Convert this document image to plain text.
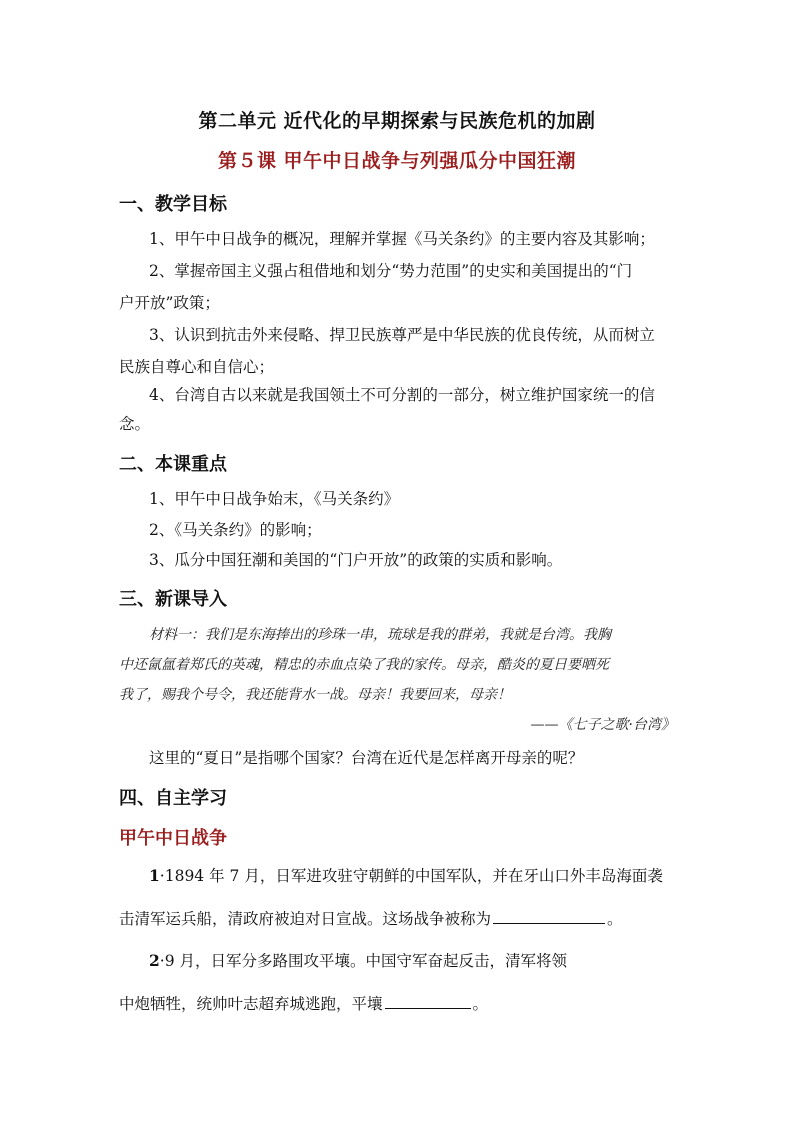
第二单元 近代化的早期探索与民族危机的加剧
第５课 甲午中日战争与列强瓜分中国狂潮
一、教学目标
1、甲午中日战争的概况，理解并掌握《马关条约》的主要内容及其影响；
2、掌握帝国主义强占租借地和划分“势力范围”的史实和美国提出的“门
户开放”政策；
3、认识到抗击外来侵略、捍卫民族尊严是中华民族的优良传统，从而树立
民族自尊心和自信心；
4、台湾自古以来就是我国领土不可分割的一部分，树立维护国家统一的信
念。
二、本课重点
1、甲午中日战争始末，《马关条约》
2、《马关条约》的影响；
3、瓜分中国狂潮和美国的“门户开放”的政策的实质和影响。
三、新课导入
材料一：我们是东海捧出的珍珠一串，琉球是我的群弟，我就是台湾。我胸
中还氤氲着郑氏的英魂，精忠的赤血点染了我的家传。母亲，酷炎的夏日要晒死
我了，赐我个号令，我还能背水一战。母亲！我要回来，母亲！
——《七子之歌·台湾》
这里的“夏日”是指哪个国家？台湾在近代是怎样离开母亲的呢？
四、自主学习
甲午中日战争
1·1894 年 7 月，日军进攻驻守朝鲜的中国军队，并在牙山口外丰岛海面袭
击清军运兵船，清政府被迫对日宣战。这场战争被称为	。
2·9 月，日军分多路围攻平壤。中国守军奋起反击，清军将领
中炮牺牲，统帅叶志超弃城逃跑，平壤	。
